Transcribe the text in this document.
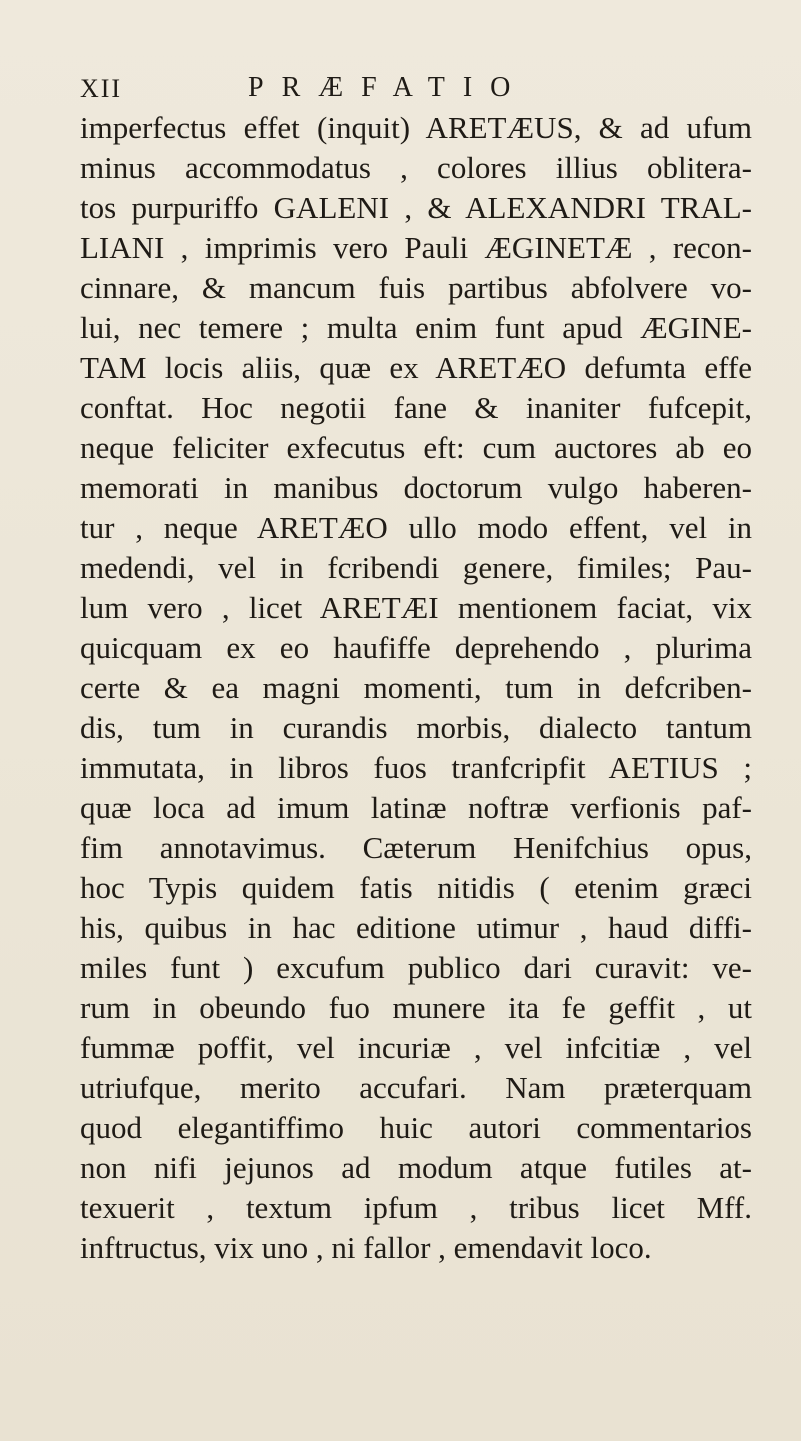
XII	PRÆFATIO
imperfectus effet (inquit) ARETÆUS, & ad ufum
minus accommodatus , colores illius oblitera-
tos purpuriffo GALENI , & ALEXANDRI TRAL-
LIANI , imprimis vero Pauli ÆGINETÆ , recon-
cinnare, & mancum fuis partibus abfolvere vo-
lui, nec temere ; multa enim funt apud ÆGINE-
TAM locis aliis, quæ ex ARETÆO defumta effe
conftat. Hoc negotii fane & inaniter fufcepit,
neque feliciter exfecutus eft: cum auctores ab eo
memorati in manibus doctorum vulgo haberen-
tur , neque ARETÆO ullo modo effent, vel in
medendi, vel in fcribendi genere, fimiles; Pau-
lum vero , licet ARETÆI mentionem faciat, vix
quicquam ex eo haufiffe deprehendo , plurima
certe & ea magni momenti, tum in defcriben-
dis, tum in curandis morbis, dialecto tantum
immutata, in libros fuos tranfcripfit AETIUS ;
quæ loca ad imum latinæ noftræ verfionis paf-
fim annotavimus. Cæterum Henifchius opus,
hoc Typis quidem fatis nitidis ( etenim græci
his, quibus in hac editione utimur , haud diffi-
miles funt ) excufum publico dari curavit: ve-
rum in obeundo fuo munere ita fe geffit , ut
fummæ poffit, vel incuriæ , vel infcitiæ , vel
utriufque, merito accufari. Nam præterquam
quod elegantiffimo huic autori commentarios
non nifi jejunos ad modum atque futiles at-
texuerit , textum ipfum , tribus licet Mff.
inftructus, vix uno , ni fallor , emendavit loco.
